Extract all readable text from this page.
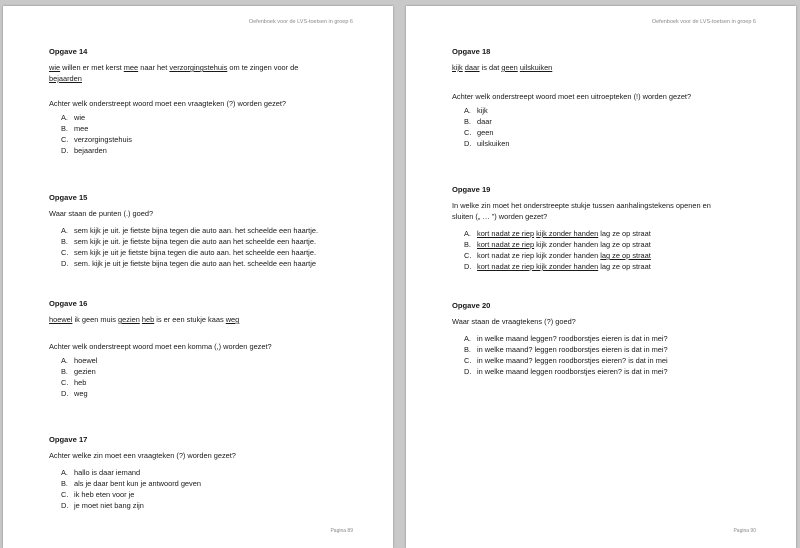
Oefenboek voor de LVS-toetsen in groep 6
Opgave 14
wie willen er met kerst mee naar het verzorgingstehuis om te zingen voor de
bejaarden
Achter welk onderstreept woord moet een vraagteken (?) worden gezet?
A. wie
B. mee
C. verzorgingstehuis
D. bejaarden
Opgave 15
Waar staan de punten (.) goed?
A. sem kijk je uit. je fietste bijna tegen die auto aan. het scheelde een haartje.
B. sem kijk je uit. je fietste bijna tegen die auto aan het scheelde een haartje.
C. sem kijk je uit je fietste bijna tegen die auto aan. het scheelde een haartje.
D. sem. kijk je uit je fietste bijna tegen die auto aan het. scheelde een haartje
Opgave 16
hoewel ik geen muis gezien heb is er een stukje kaas weg
Achter welk onderstreept woord moet een komma (,) worden gezet?
A. hoewel
B. gezien
C. heb
D. weg
Opgave 17
Achter welke zin moet een vraagteken (?) worden gezet?
A. hallo is daar iemand
B. als je daar bent kun je antwoord geven
C. ik heb eten voor je
D. je moet niet bang zijn
Pagina 89
Oefenboek voor de LVS-toetsen in groep 6
Opgave 18
kijk daar is dat geen uilskuiken
Achter welk onderstreept woord moet een uitroepteken (!) worden gezet?
A. kijk
B. daar
C. geen
D. uilskuiken
Opgave 19
In welke zin moet het onderstreepte stukje tussen aanhalingstekens openen en
sluiten („ … ”) worden gezet?
A. kort nadat ze riep kijk zonder handen lag ze op straat
B. kort nadat ze riep kijk zonder handen lag ze op straat
C. kort nadat ze riep kijk zonder handen lag ze op straat
D. kort nadat ze riep kijk zonder handen lag ze op straat
Opgave 20
Waar staan de vraagtekens (?) goed?
A. in welke maand leggen? roodborstjes eieren is dat in mei?
B. in welke maand? leggen roodborstjes eieren is dat in mei?
C. in welke maand? leggen roodborstjes eieren? is dat in mei
D. in welke maand leggen roodborstjes eieren? is dat in mei?
Pagina 90
